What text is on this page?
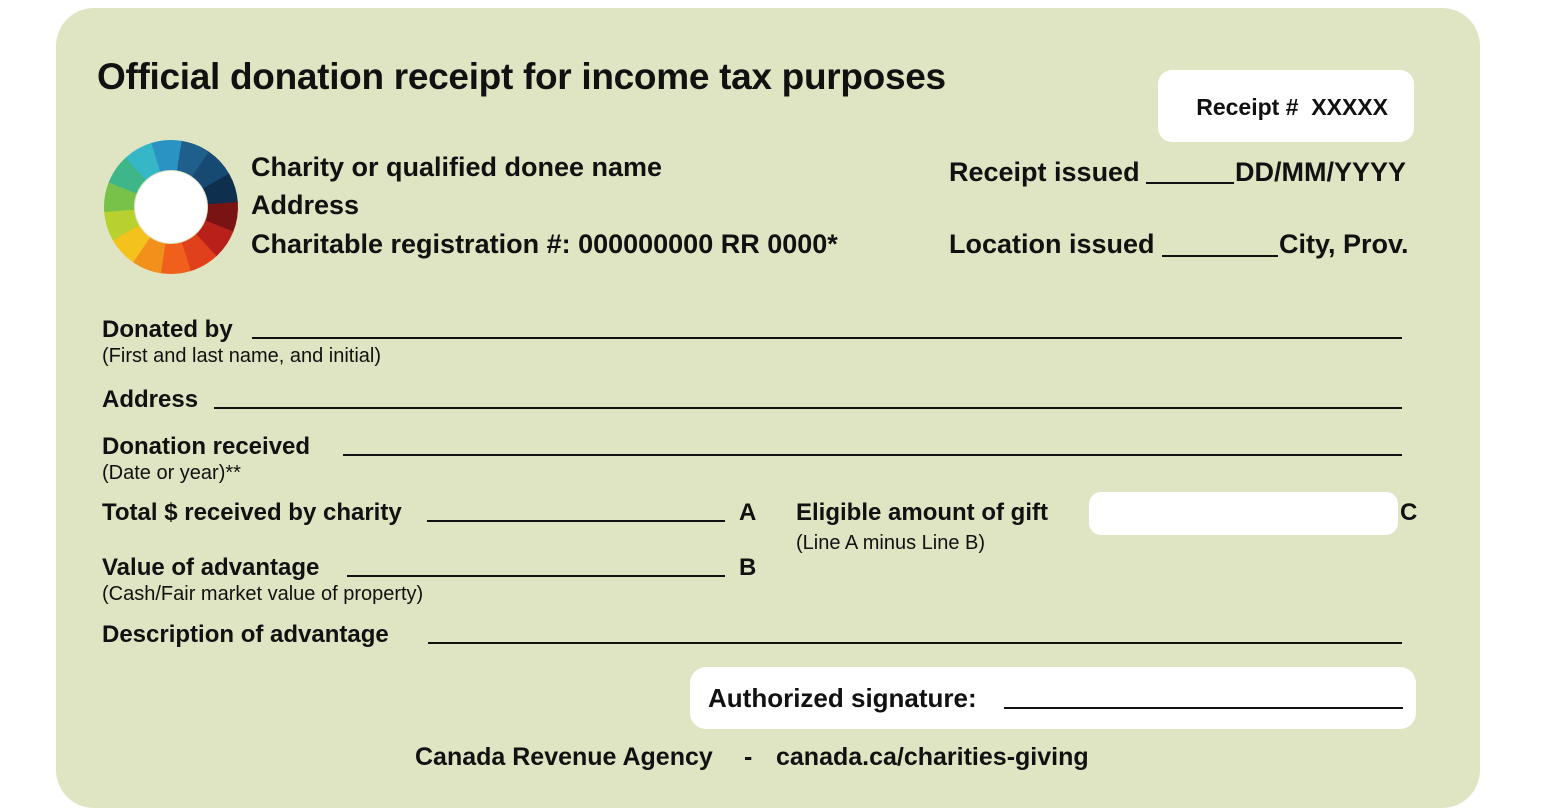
Official donation receipt for income tax purposes
Receipt # XXXXX
Charity or qualified donee name
Address
Charitable registration #: 000000000 RR 0000*
Receipt issued	DD/MM/YYYY
Location issued	City, Prov.
Donated by
(First and last name, and initial)
Address
Donation received
(Date or year)**
Total $ received by charity	A
Value of advantage	B
(Cash/Fair market value of property)
Eligible amount of gift
(Line A minus Line B)
C
Description of advantage
Authorized signature:
Canada Revenue Agency - canada.ca/charities-giving
